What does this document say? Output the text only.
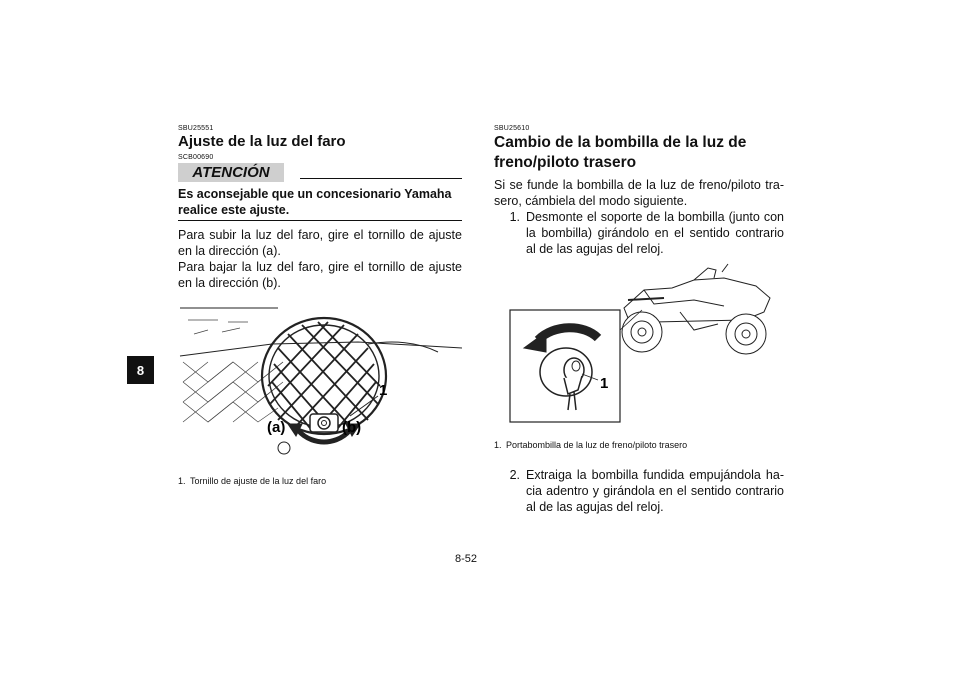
8
SBU25551
Ajuste de la luz del faro
SCB00690
ATENCIÓN
Es aconsejable que un concesionario Yamaha realice este ajuste.

Para subir la luz del faro, gire el tornillo de ajuste en la dirección (a).

Para bajar la luz del faro, gire el tornillo de ajuste en la dirección (b).

1
(a)	(b)
1. Tornillo de ajuste de la luz del faro
SBU25610
Cambio de la bombilla de la luz de freno/piloto trasero

Si se funde la bombilla de la luz de freno/piloto tra-sero, cámbiela del modo siguiente.

1. Desmonte el soporte de la bombilla (junto con la bombilla) girándolo en el sentido contrario al de las agujas del reloj.
1
1. Portabombilla de la luz de freno/piloto trasero
2. Extraiga la bombilla fundida empujándola ha-cia adentro y girándola en el sentido contrario al de las agujas del reloj.
8-52
